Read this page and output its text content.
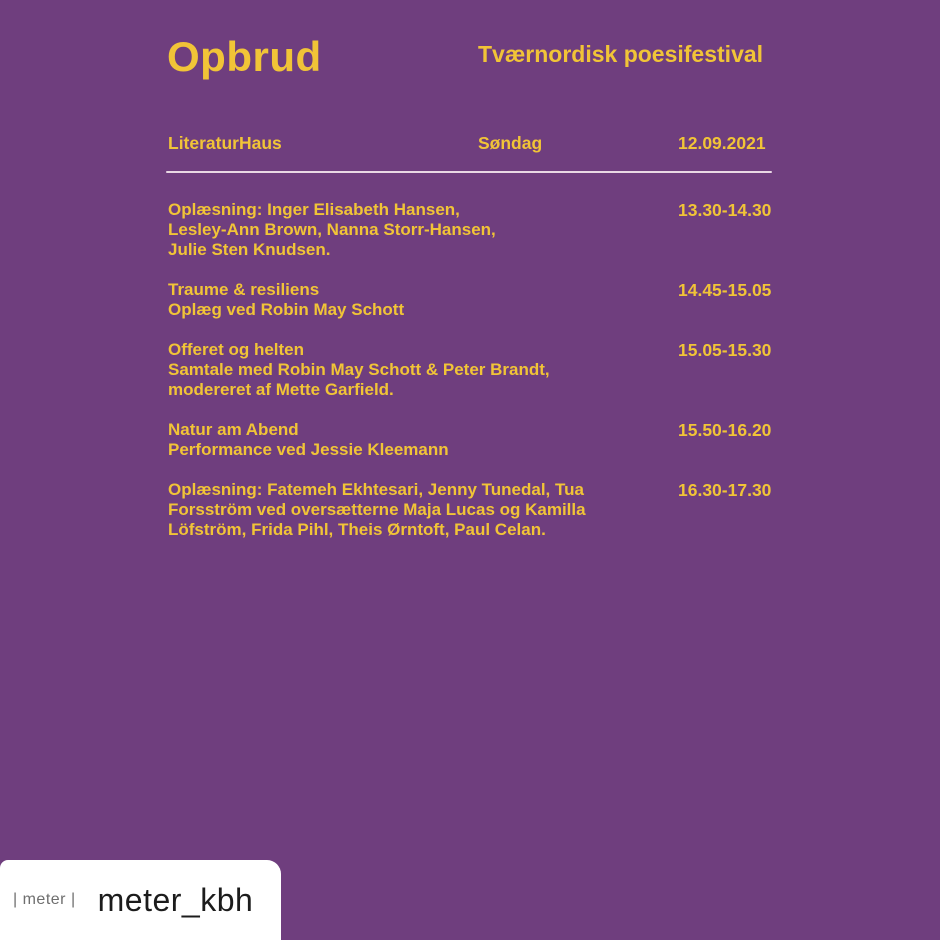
Opbrud	Tværnordisk poesifestival
LiteraturHaus	Søndag	12.09.2021
Oplæsning: Inger Elisabeth Hansen,
Lesley-Ann Brown, Nanna Storr-Hansen,
Julie Sten Knudsen.
13.30-14.30
Traume & resiliens
Oplæg ved Robin May Schott
14.45-15.05
Offeret og helten
Samtale med Robin May Schott & Peter Brandt,
modereret af Mette Garfield.
15.05-15.30
Natur am Abend
Performance ved Jessie Kleemann
15.50-16.20
Oplæsning: Fatemeh Ekhtesari, Jenny Tunedal, Tua
Forsström ved oversætterne Maja Lucas og Kamilla
Löfström, Frida Pihl, Theis Ørntoft, Paul Celan.
16.30-17.30
| meter | meter_kbh
